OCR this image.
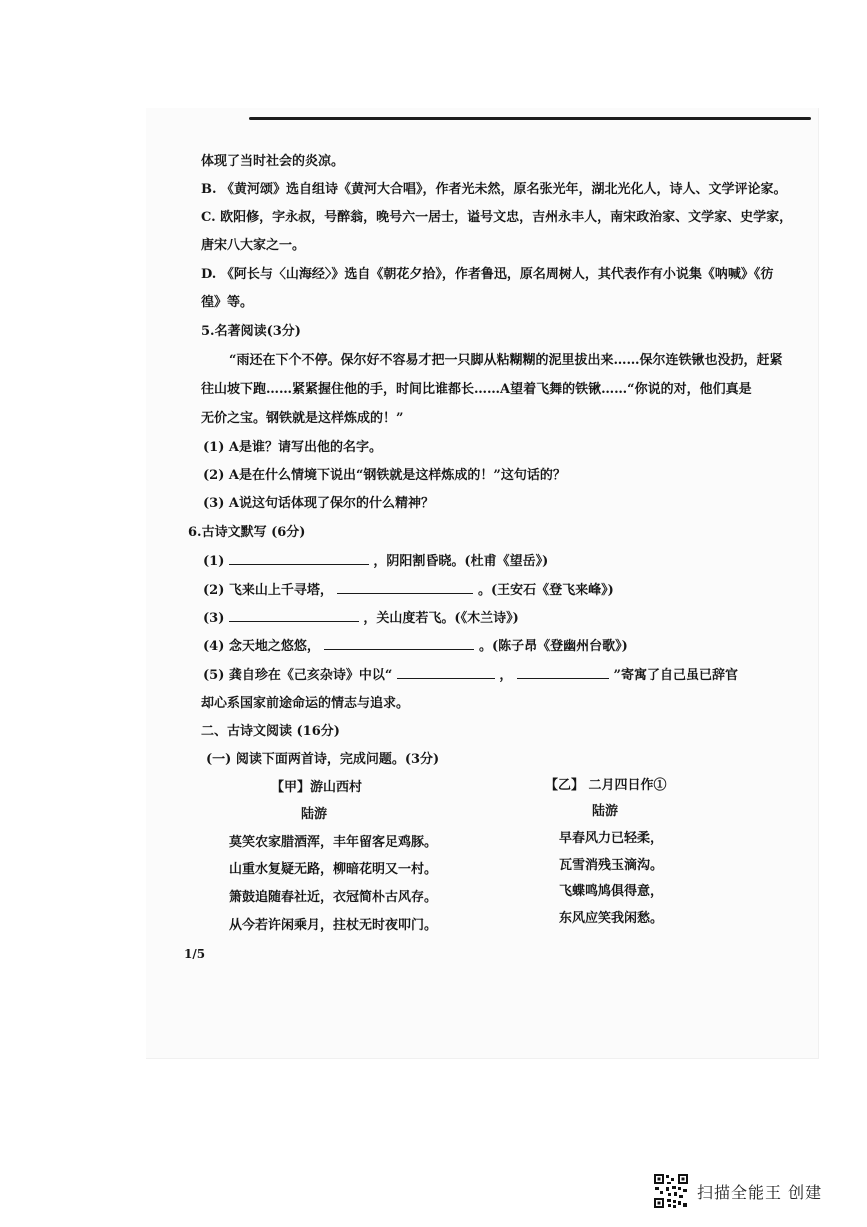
体现了当时社会的炎凉。
B. 《黄河颂》选自组诗《黄河大合唱》，作者光未然，原名张光年，湖北光化人，诗人、文学评论家。
C. 欧阳修，字永叔，号醉翁，晚号六一居士，谥号文忠，吉州永丰人，南宋政治家、文学家、史学家，
唐宋八大家之一。
D. 《阿长与〈山海经〉》选自《朝花夕拾》，作者鲁迅，原名周树人，其代表作有小说集《呐喊》《彷
徨》等。
5.名著阅读(3分)
“雨还在下个不停。保尔好不容易才把一只脚从粘糊糊的泥里拔出来……保尔连铁锹也没扔，赶紧
往山坡下跑……紧紧握住他的手，时间比谁都长……A望着飞舞的铁锹……“你说的对，他们真是
无价之宝。钢铁就是这样炼成的！”
(1) A是谁？请写出他的名字。
(2) A是在什么情境下说出“钢铁就是这样炼成的！”这句话的？
(3) A说这句话体现了保尔的什么精神？
6.古诗文默写 (6分)
(1)	，阴阳割昏晓。(杜甫《望岳》)
(2) 飞来山上千寻塔，	。(王安石《登飞来峰》)
(3)	，关山度若飞。(《木兰诗》)
(4) 念天地之悠悠，	。(陈子昂《登幽州台歌》)
(5) 龚自珍在《己亥杂诗》中以“	，	”寄寓了自己虽已辞官
却心系国家前途命运的情志与追求。
二、古诗文阅读 (16分)
(一) 阅读下面两首诗，完成问题。(3分)
【甲】游山西村
陆游
莫笑农家腊酒浑，丰年留客足鸡豚。
山重水复疑无路，柳暗花明又一村。
箫鼓追随春社近，衣冠简朴古风存。
从今若许闲乘月，拄杖无时夜叩门。
【乙】 二月四日作①
陆游
早春风力已轻柔，
瓦雪消残玉滴沟。
飞蝶鸣鸠俱得意，
东风应笑我闲愁。
1/5
扫描全能王 创建
